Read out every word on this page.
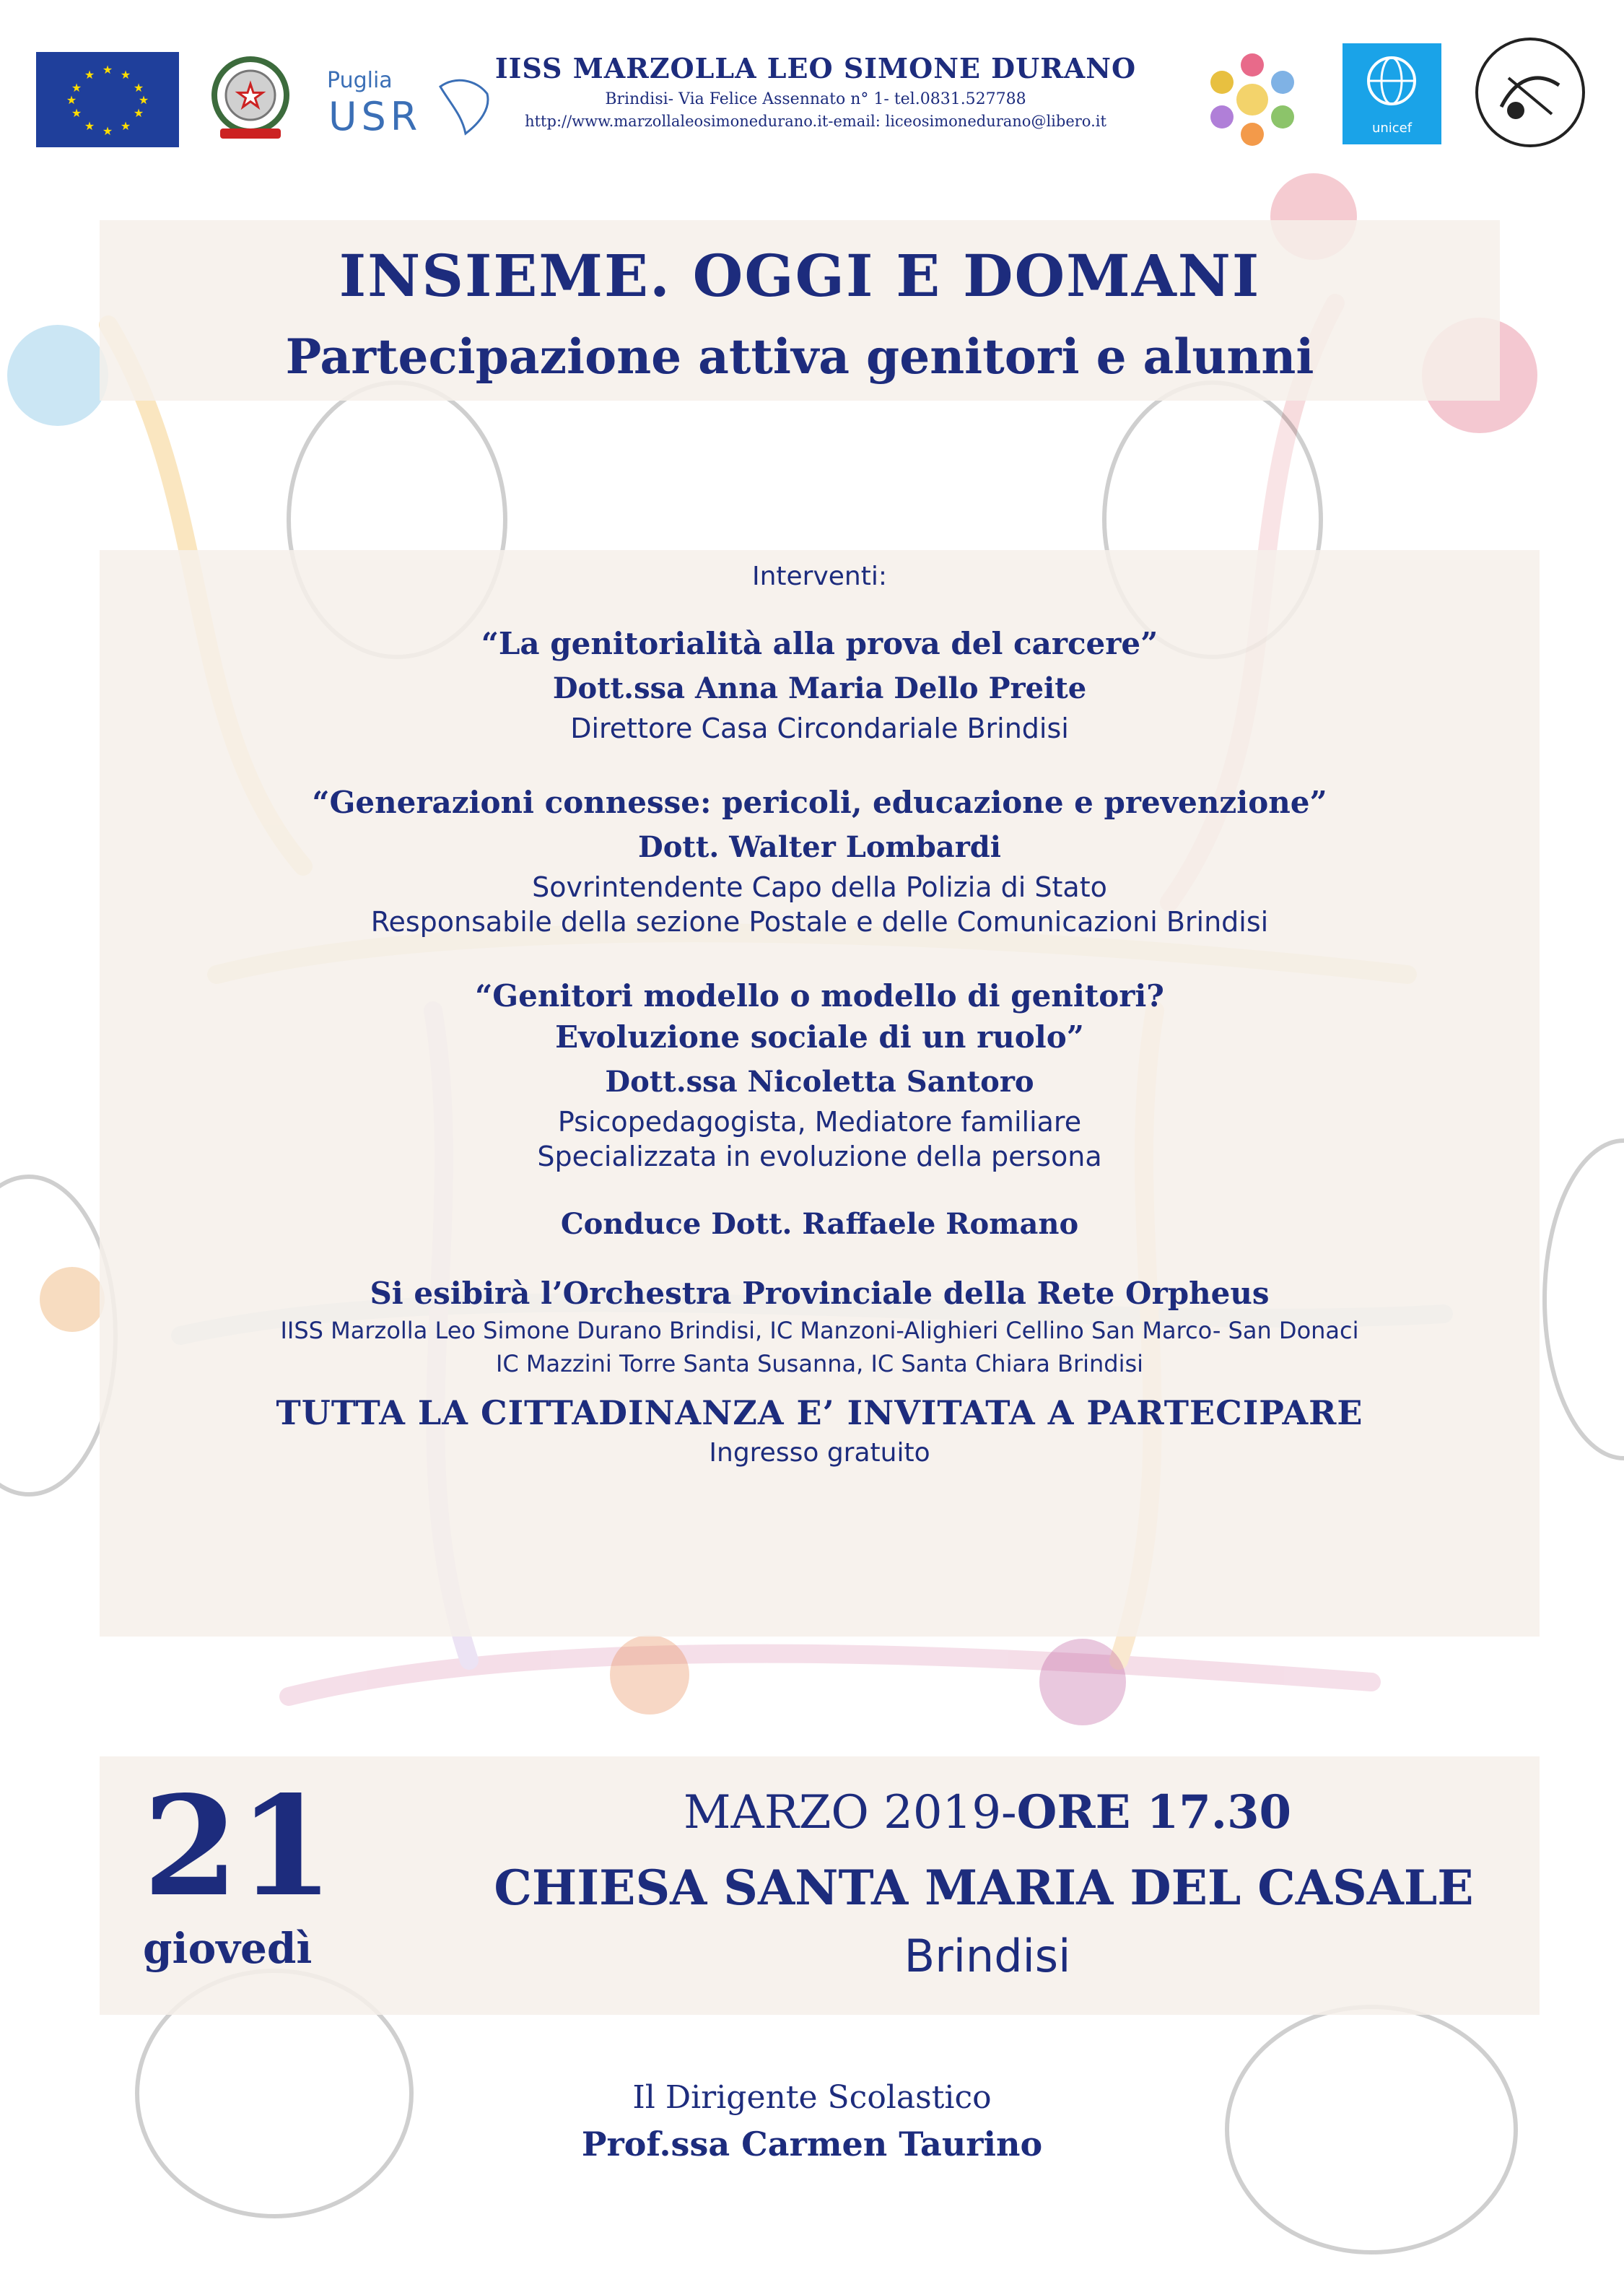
★ ★
★
★
★
★
★
★
★
★
★
★
★	Puglia
USR
IISS MARZOLLA LEO SIMONE DURANO
Brindisi- Via Felice Assennato n° 1- tel.0831.527788
http://www.marzollaleosimonedurano.it-email: liceosimonedurano@libero.it	unicef
INSIEME. OGGI E DOMANI
Partecipazione attiva genitori e alunni
Interventi:
“La genitorialità alla prova del carcere”
Dott.ssa Anna Maria Dello Preite
Direttore Casa Circondariale Brindisi
“Generazioni connesse: pericoli, educazione e prevenzione”
Dott. Walter Lombardi
Sovrintendente Capo della Polizia di Stato
Responsabile della sezione Postale e delle Comunicazioni Brindisi
“Genitori modello o modello di genitori?
Evoluzione sociale di un ruolo”
Dott.ssa Nicoletta Santoro
Psicopedagogista, Mediatore familiare
Specializzata in evoluzione della persona
Conduce Dott. Raffaele Romano
Si esibirà l’Orchestra Provinciale della Rete Orpheus
IISS Marzolla Leo Simone Durano Brindisi, IC Manzoni-Alighieri Cellino San Marco- San Donaci
IC Mazzini Torre Santa Susanna, IC Santa Chiara Brindisi
TUTTA LA CITTADINANZA E’ INVITATA A PARTECIPARE
Ingresso gratuito
21
giovedì
MARZO 2019-ORE 17.30
CHIESA SANTA MARIA DEL CASALE
Brindisi
Il Dirigente Scolastico
Prof.ssa Carmen Taurino
